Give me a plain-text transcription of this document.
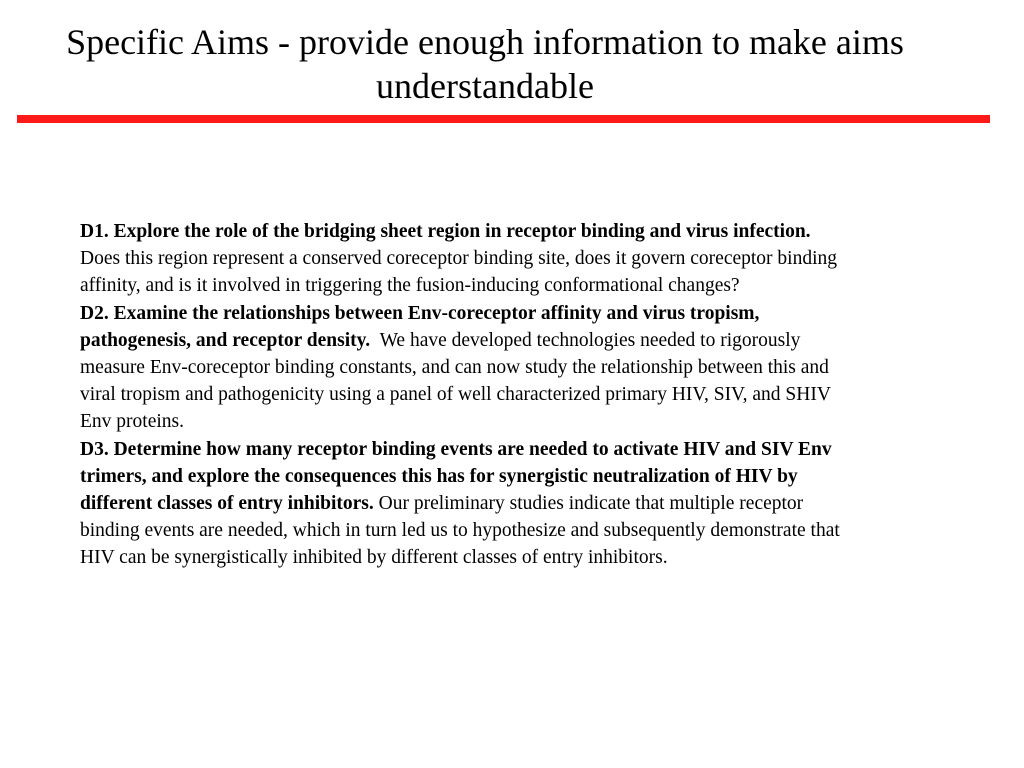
Specific Aims - provide enough information to make aims understandable

D1. Explore the role of the bridging sheet region in receptor binding and virus infection.  Does this region represent a conserved coreceptor binding site, does it govern coreceptor binding affinity, and is it involved in triggering the fusion-inducing conformational changes?

D2. Examine the relationships between Env-coreceptor affinity and virus tropism, pathogenesis, and receptor density. We have developed technologies needed to rigorously measure Env-coreceptor binding constants, and can now study the relationship between this and viral tropism and pathogenicity using a panel of well characterized primary HIV, SIV, and SHIV Env proteins.

D3. Determine how many receptor binding events are needed to activate HIV and SIV Env trimers, and explore the consequences this has for synergistic neutralization of HIV by different classes of entry inhibitors. Our preliminary studies indicate that multiple receptor binding events are needed, which in turn led us to hypothesize and subsequently demonstrate that HIV can be synergistically inhibited by different classes of entry inhibitors.
